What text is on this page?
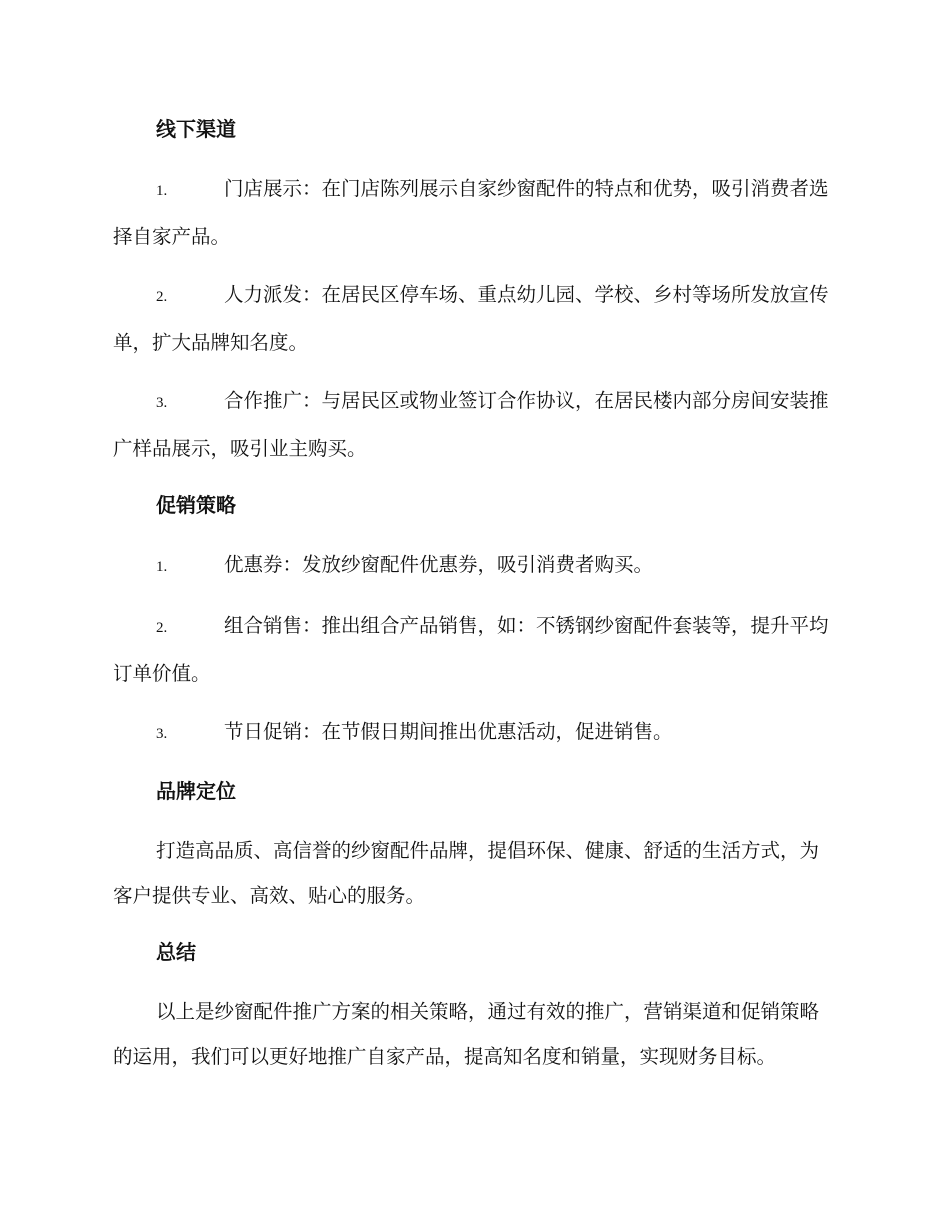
线下渠道

1.	门店展示：在门店陈列展示自家纱窗配件的特点和优势，吸引消费者选择自家产品。

2.	人力派发：在居民区停车场、重点幼儿园、学校、乡村等场所发放宣传单，扩大品牌知名度。

3.	合作推广：与居民区或物业签订合作协议，在居民楼内部分房间安装推广样品展示，吸引业主购买。

促销策略

1.	优惠券：发放纱窗配件优惠券，吸引消费者购买。

2.	组合销售：推出组合产品销售，如：不锈钢纱窗配件套装等，提升平均订单价值。

3.	节日促销：在节假日期间推出优惠活动，促进销售。

品牌定位

打造高品质、高信誉的纱窗配件品牌，提倡环保、健康、舒适的生活方式，为客户提供专业、高效、贴心的服务。

总结

以上是纱窗配件推广方案的相关策略，通过有效的推广，营销渠道和促销策略的运用，我们可以更好地推广自家产品，提高知名度和销量，实现财务目标。
